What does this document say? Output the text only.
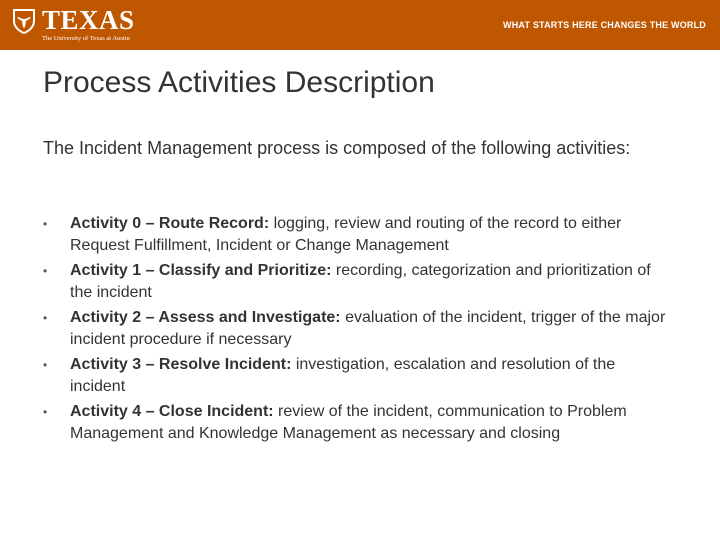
TEXAS
The University of Texas at Austin
WHAT STARTS HERE CHANGES THE WORLD
Process Activities Description

The Incident Management process is composed of the following activities:

• Activity 0 – Route Record: logging, review and routing of the record to either Request Fulfillment, Incident or Change Management
• Activity 1 – Classify and Prioritize: recording, categorization and prioritization of the incident
• Activity 2 – Assess and Investigate: evaluation of the incident, trigger of the major incident procedure if necessary
• Activity 3 – Resolve Incident: investigation, escalation and resolution of the incident
• Activity 4 – Close Incident: review of the incident, communication to Problem Management and Knowledge Management as necessary and closing
